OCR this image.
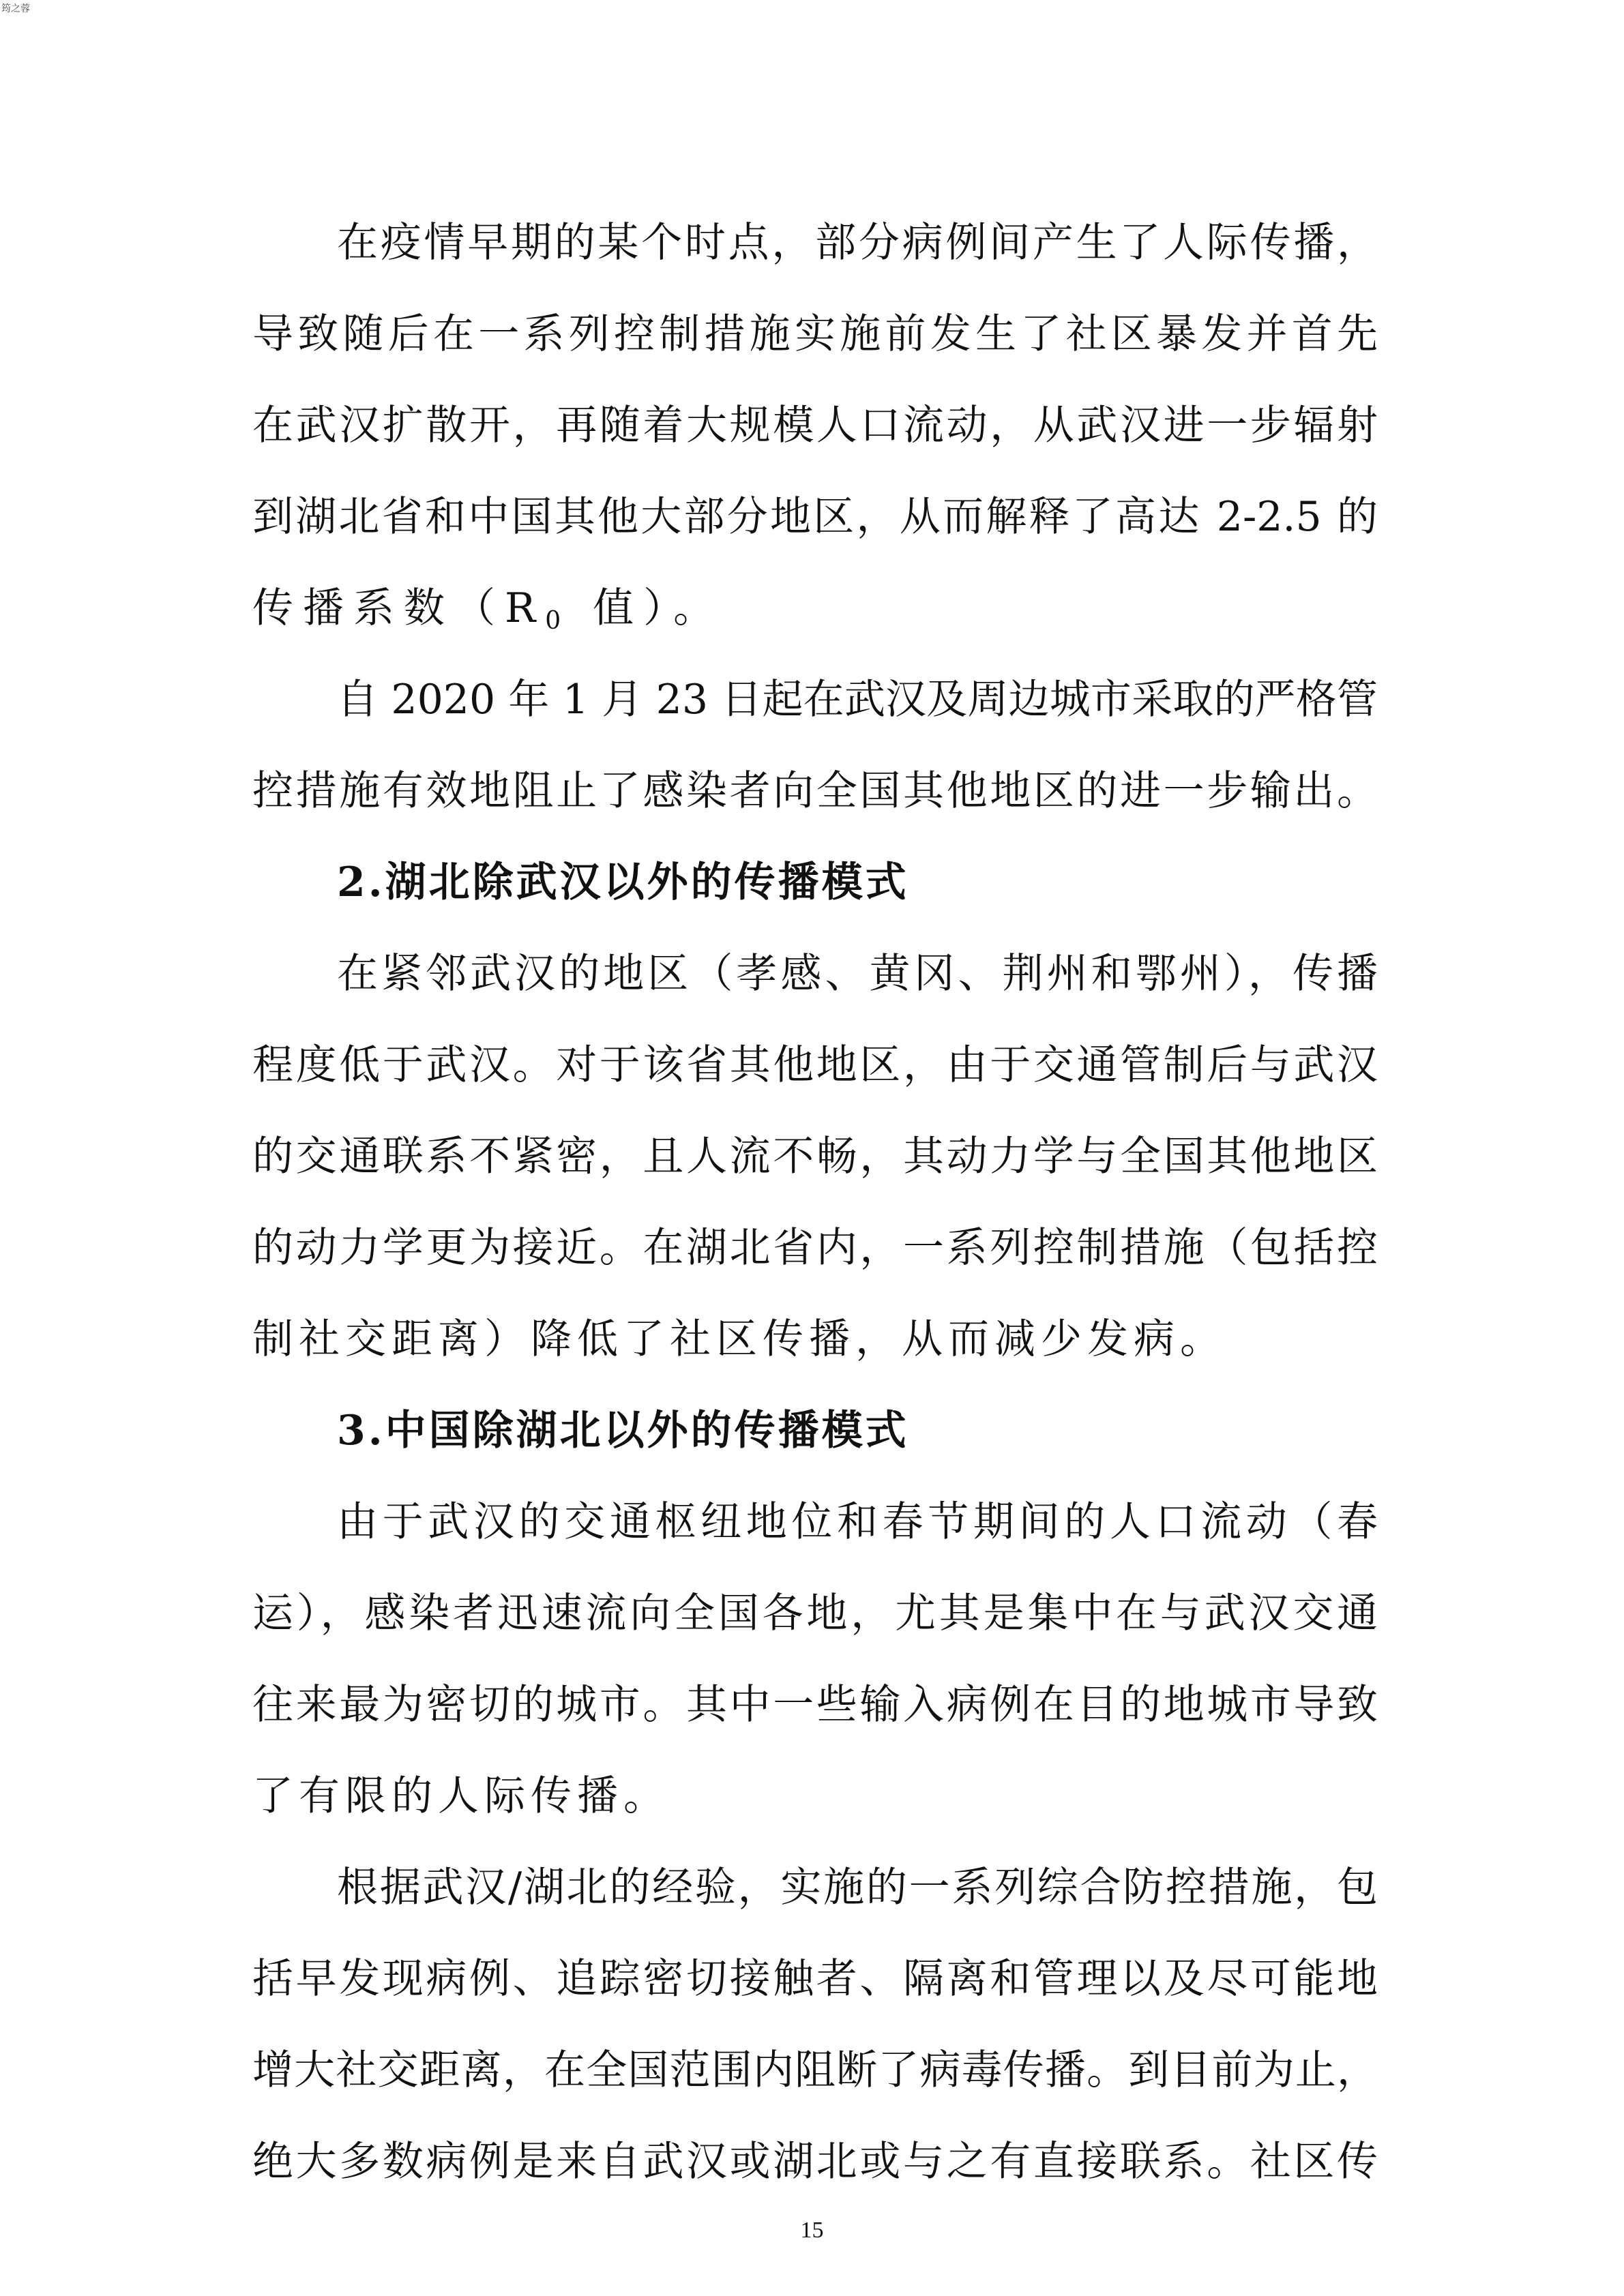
筠之蓉
在疫情早期的某个时点，部分病例间产生了人际传播，
导致随后在一系列控制措施实施前发生了社区暴发并首先
在武汉扩散开，再随着大规模人口流动，从武汉进一步辐射
到湖北省和中国其他大部分地区，从而解释了高达 2-2.5 的
传播系数（$R_0$ 值）。
自 2020 年 1 月 23 日起在武汉及周边城市采取的严格管
控措施有效地阻止了感染者向全国其他地区的进一步输出。
2.湖北除武汉以外的传播模式
在紧邻武汉的地区（孝感、黄冈、荆州和鄂州），传播
程度低于武汉。对于该省其他地区，由于交通管制后与武汉
的交通联系不紧密，且人流不畅，其动力学与全国其他地区
的动力学更为接近。在湖北省内，一系列控制措施（包括控
制社交距离）降低了社区传播，从而减少发病。
3.中国除湖北以外的传播模式
由于武汉的交通枢纽地位和春节期间的人口流动（春
运），感染者迅速流向全国各地，尤其是集中在与武汉交通
往来最为密切的城市。其中一些输入病例在目的地城市导致
了有限的人际传播。
根据武汉/湖北的经验，实施的一系列综合防控措施，包
括早发现病例、追踪密切接触者、隔离和管理以及尽可能地
增大社交距离，在全国范围内阻断了病毒传播。到目前为止，
绝大多数病例是来自武汉或湖北或与之有直接联系。社区传
15
